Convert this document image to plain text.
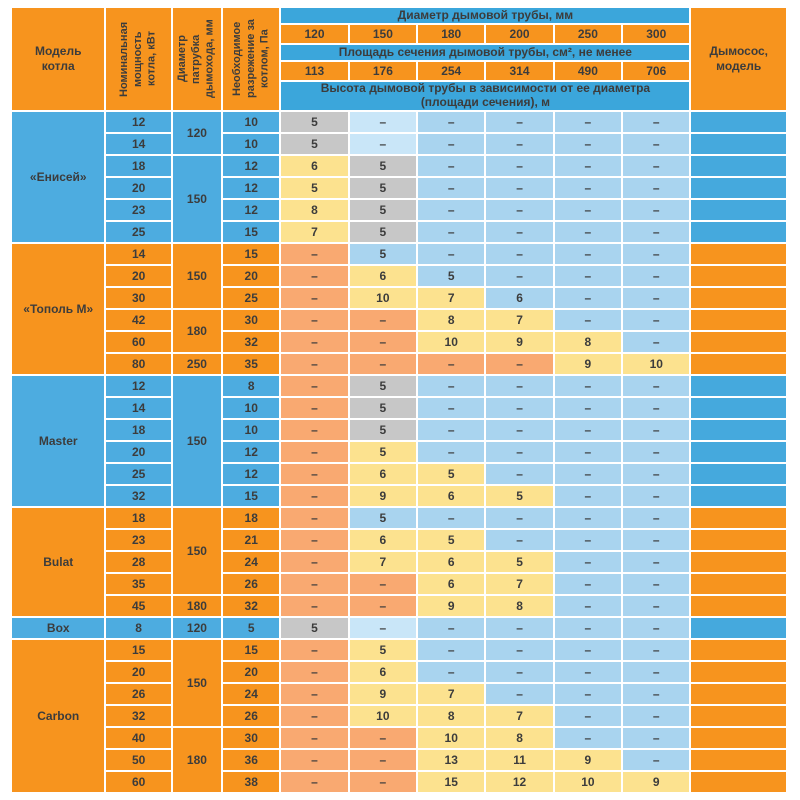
Модель котла	Номинальная мощность котла, кВт	Диаметр патрубка дымохода, мм	Необходимое разрежение за котлом, Па	Диаметр дымовой трубы, мм						Дымосос, модель
				120	150	180	200	250	300	
				Площадь сечения дымовой трубы, см², не менее						
				113	176	254	314	490	706	

				Высота дымовой трубы в зависимости от ее диаметра
(площади сечения), м						

«Енисей»	12	120	10	5	–	–	–	–	–	
	14		10	5	–	–	–	–	–	
	18	150	12	6	5	–	–	–	–	
	20		12	5	5	–	–	–	–	
	23		12	8	5	–	–	–	–	
	25		15	7	5	–	–	–	–	
«Тополь М»	14	150	15	–	5	–	–	–	–	
	20		20	–	6	5	–	–	–	
	30		25	–	10	7	6	–	–	
	42	180	30	–	–	8	7	–	–	
	60		32	–	–	10	9	8	–	
	80	250	35	–	–	–	–	9	10	
Master	12	150	8	–	5	–	–	–	–	
	14		10	–	5	–	–	–	–	
	18		10	–	5	–	–	–	–	
	20		12	–	5	–	–	–	–	
	25		12	–	6	5	–	–	–	
	32		15	–	9	6	5	–	–	
Bulat	18	150	18	–	5	–	–	–	–	
	23		21	–	6	5	–	–	–	
	28		24	–	7	6	5	–	–	
	35		26	–	–	6	7	–	–	
	45	180	32	–	–	9	8	–	–	
Box	8	120	5	5	–	–	–	–	–	
Carbon	15	150	15	–	5	–	–	–	–	
	20		20	–	6	–	–	–	–	
	26		24	–	9	7	–	–	–	
	32		26	–	10	8	7	–	–	
	40	180	30	–	–	10	8	–	–	
	50		36	–	–	13	11	9	–	
	60		38	–	–	15	12	10	9	
